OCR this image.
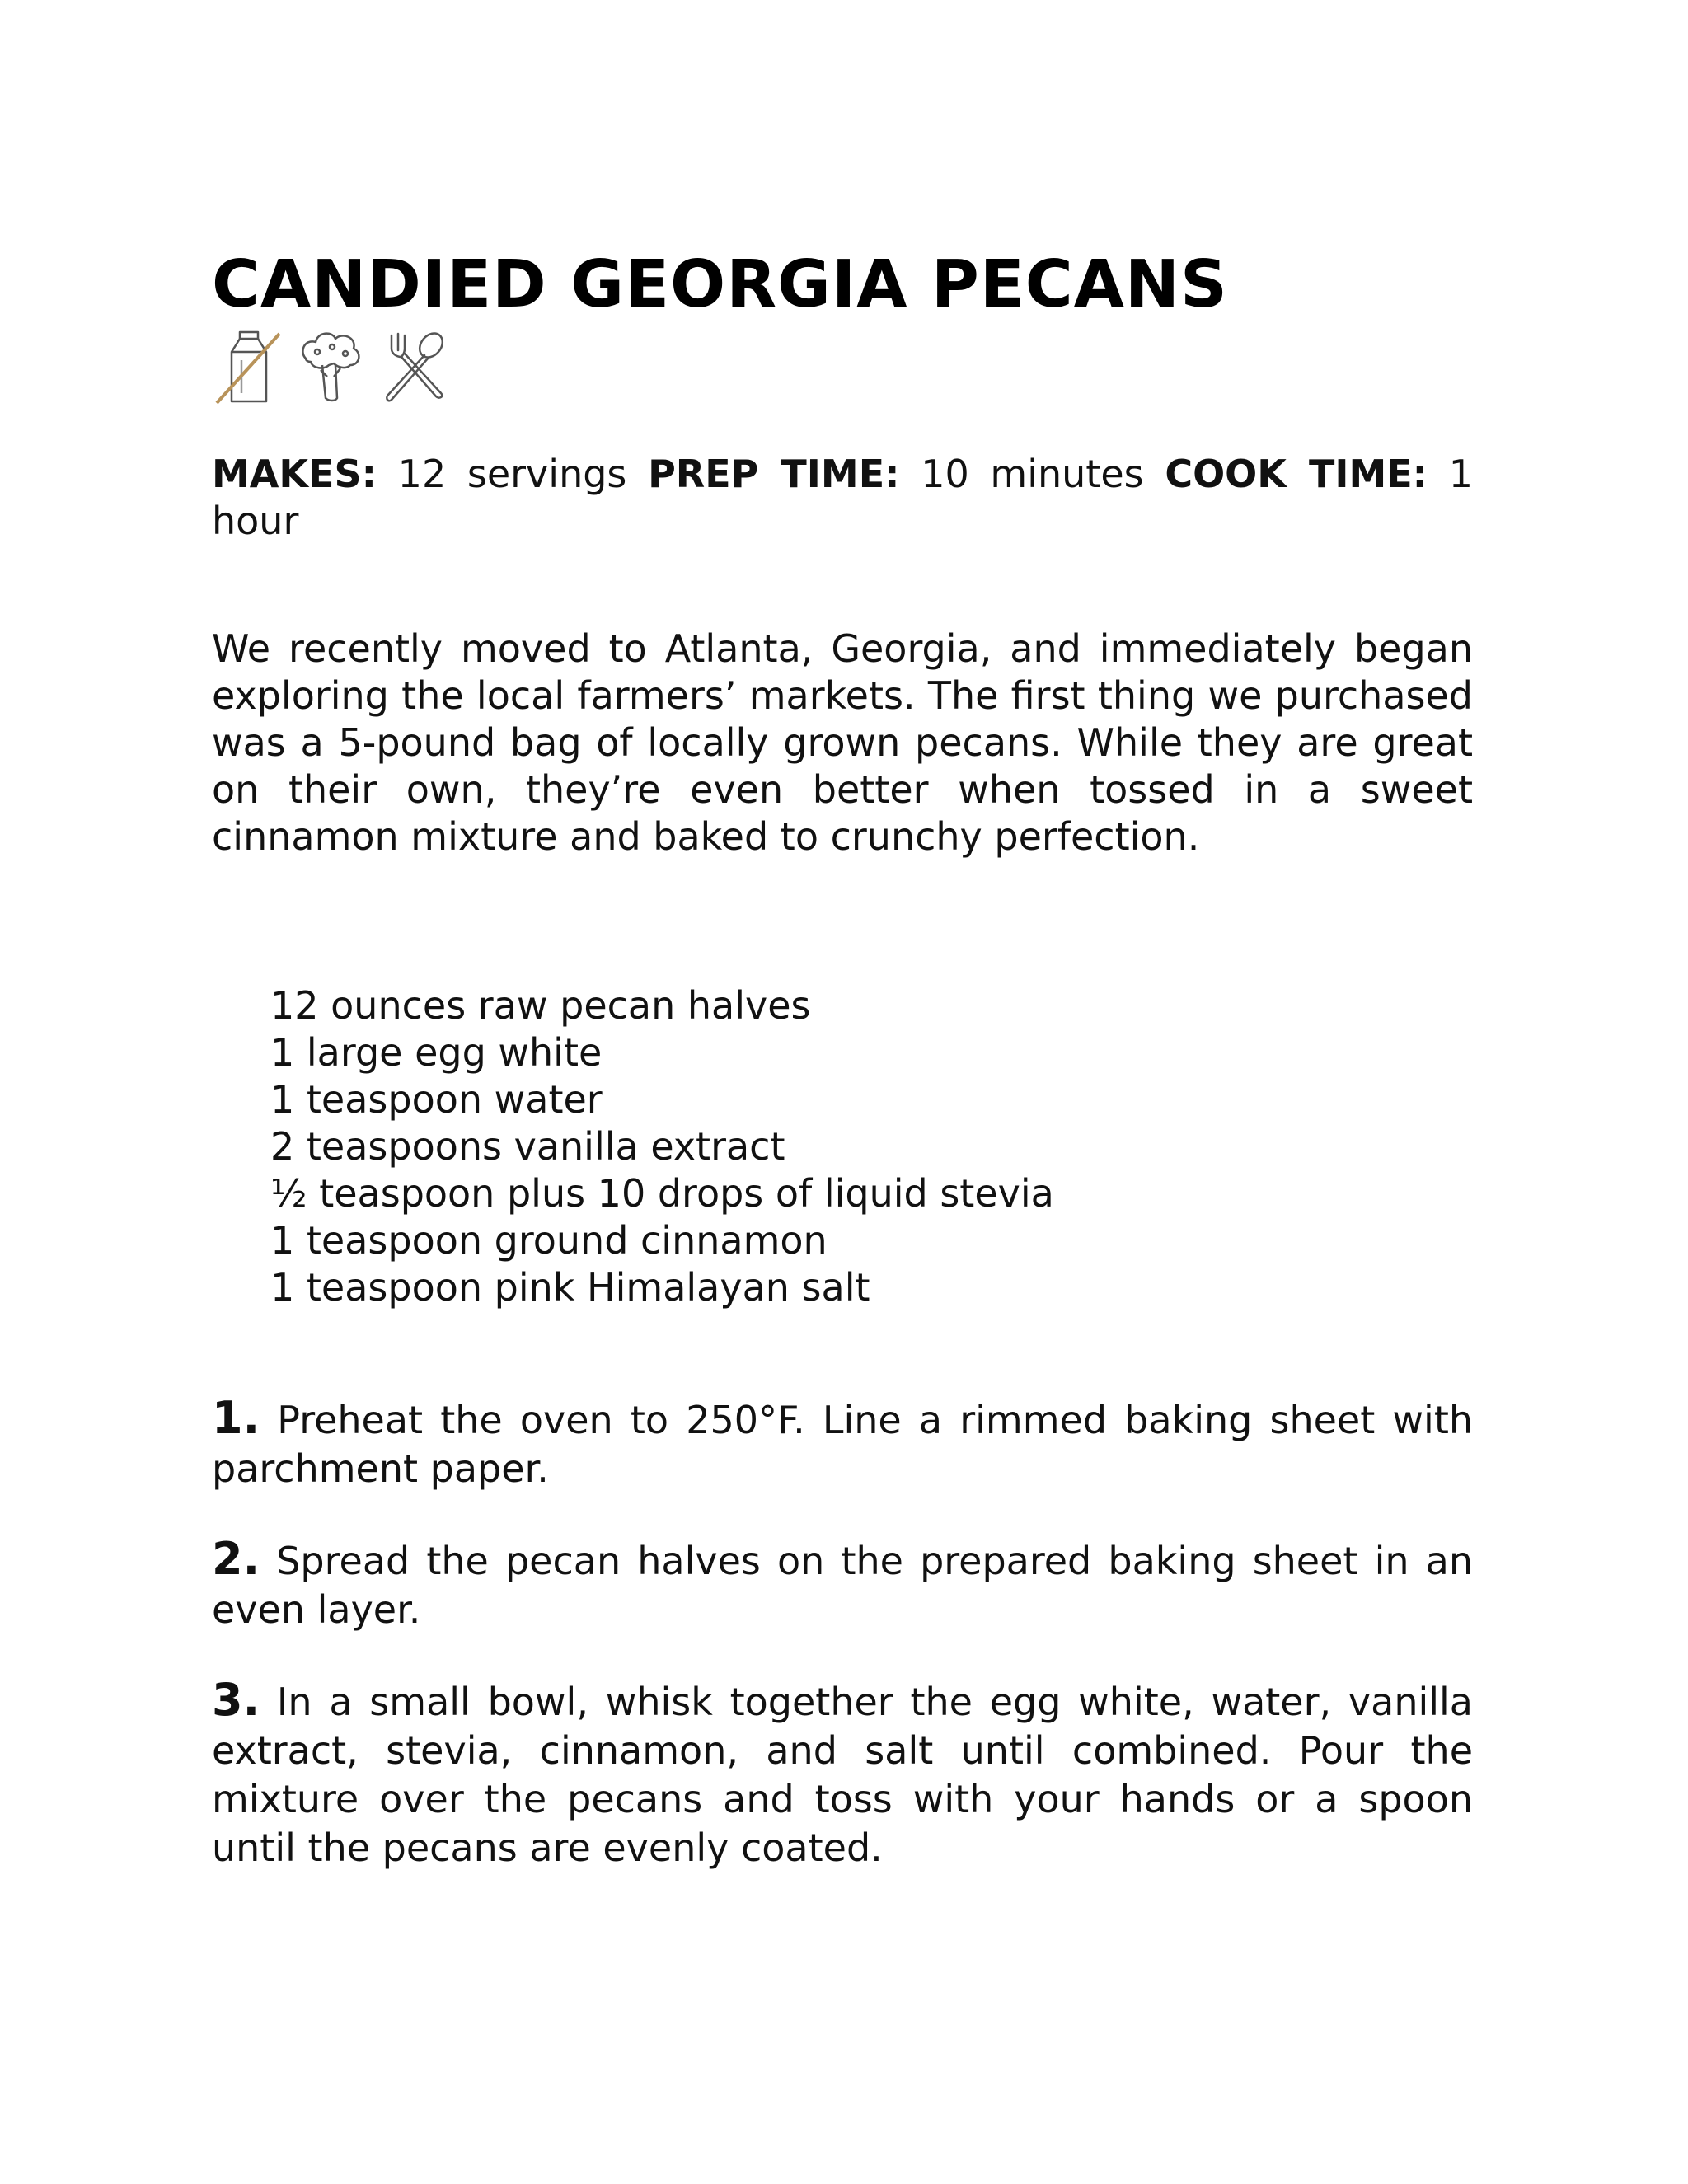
CANDIED GEORGIA PECANS

MAKES: 12 servings PREP TIME: 10 minutes COOK TIME: 1 hour

We recently moved to Atlanta, Georgia, and immediately began exploring the local farmers’ markets. The first thing we purchased was a 5-pound bag of locally grown pecans. While they are great on their own, they’re even better when tossed in a sweet cinnamon mixture and baked to crunchy perfection.

12 ounces raw pecan halves
1 large egg white
1 teaspoon water
2 teaspoons vanilla extract
½ teaspoon plus 10 drops of liquid stevia
1 teaspoon ground cinnamon
1 teaspoon pink Himalayan salt

1. Preheat the oven to 250°F. Line a rimmed baking sheet with parchment paper.

2. Spread the pecan halves on the prepared baking sheet in an even layer.

3. In a small bowl, whisk together the egg white, water, vanilla extract, stevia, cinnamon, and salt until combined. Pour the mixture over the pecans and toss with your hands or a spoon until the pecans are evenly coated.
